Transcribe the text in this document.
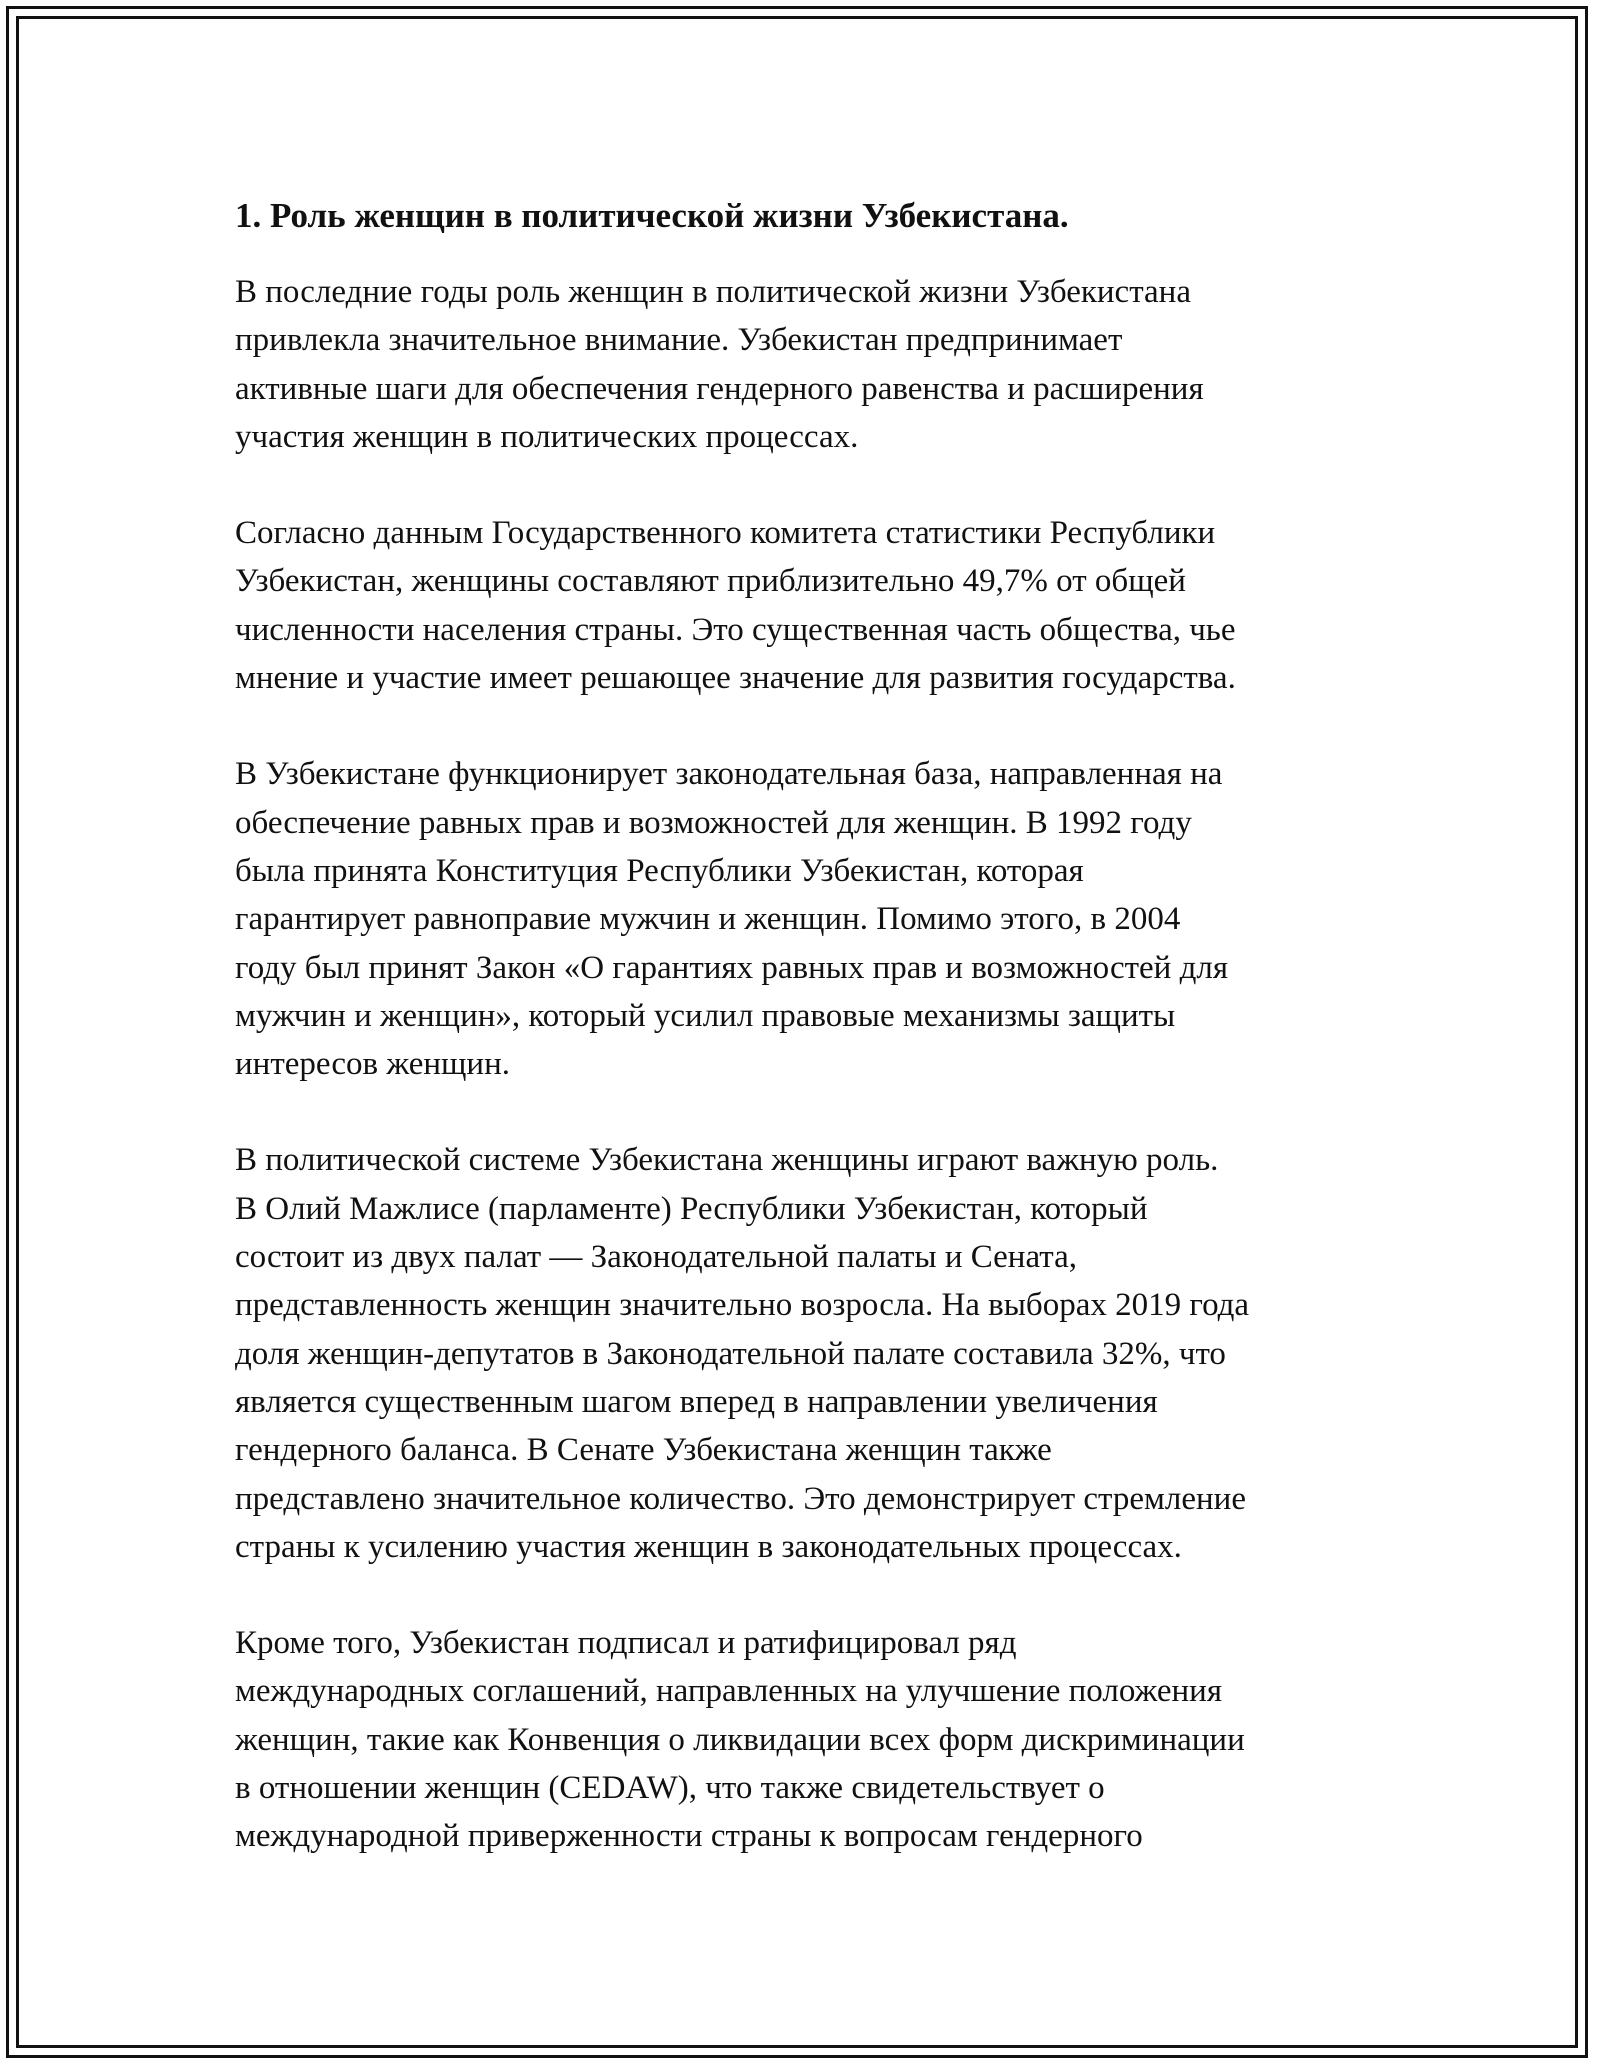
1. Роль женщин в политической жизни Узбекистана.

В последние годы роль женщин в политической жизни Узбекистана
привлекла значительное внимание. Узбекистан предпринимает
активные шаги для обеспечения гендерного равенства и расширения
участия женщин в политических процессах.

Согласно данным Государственного комитета статистики Республики
Узбекистан, женщины составляют приблизительно 49,7% от общей
численности населения страны. Это существенная часть общества, чье
мнение и участие имеет решающее значение для развития государства.

В Узбекистане функционирует законодательная база, направленная на
обеспечение равных прав и возможностей для женщин. В 1992 году
была принята Конституция Республики Узбекистан, которая
гарантирует равноправие мужчин и женщин. Помимо этого, в 2004
году был принят Закон «О гарантиях равных прав и возможностей для
мужчин и женщин», который усилил правовые механизмы защиты
интересов женщин.

В политической системе Узбекистана женщины играют важную роль.
В Олий Мажлисе (парламенте) Республики Узбекистан, который
состоит из двух палат — Законодательной палаты и Сената,
представленность женщин значительно возросла. На выборах 2019 года
доля женщин-депутатов в Законодательной палате составила 32%, что
является существенным шагом вперед в направлении увеличения
гендерного баланса. В Сенате Узбекистана женщин также
представлено значительное количество. Это демонстрирует стремление
страны к усилению участия женщин в законодательных процессах.

Кроме того, Узбекистан подписал и ратифицировал ряд
международных соглашений, направленных на улучшение положения
женщин, такие как Конвенция о ликвидации всех форм дискриминации
в отношении женщин (CEDAW), что также свидетельствует о
международной приверженности страны к вопросам гендерного
